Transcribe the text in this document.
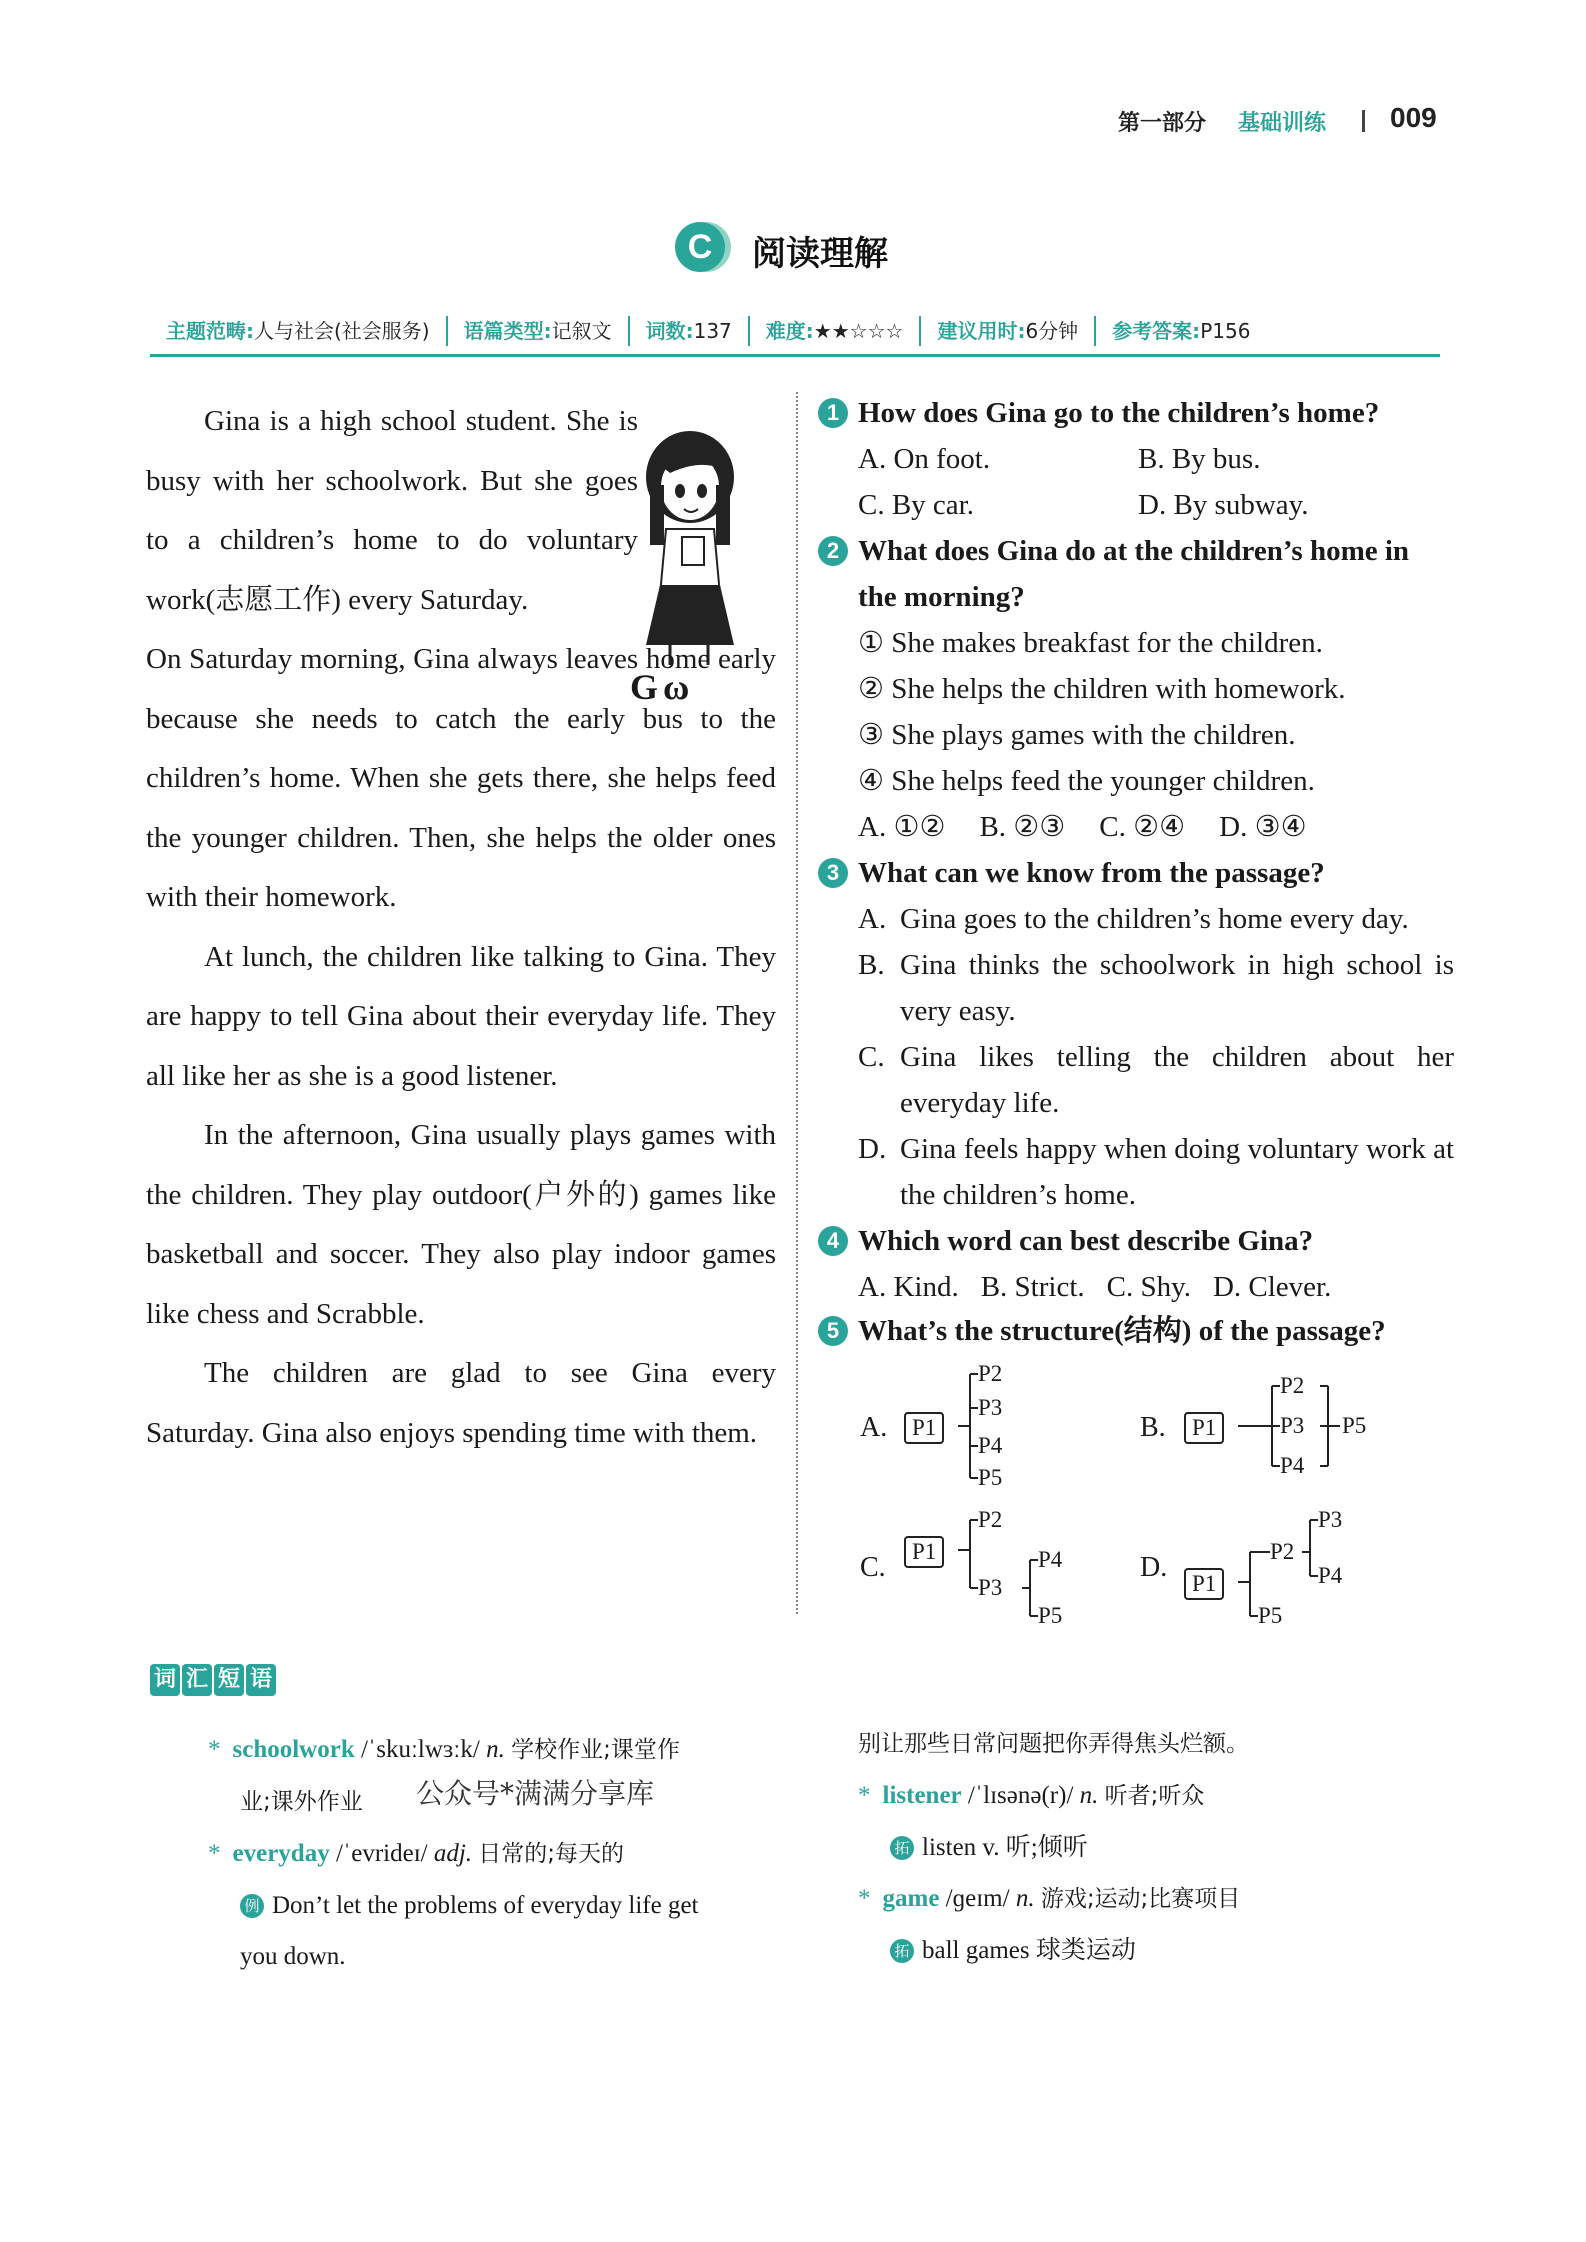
第一部分 基础训练 009
C	阅读理解
主题范畴:人与社会(社会服务)	语篇类型:记叙文	词数:137	难度:★★☆☆☆	建议用时:6分钟	参考答案:P156
G ω

Gina is a high school student. She is busy with her schoolwork. But she goes to a children’s home to do voluntary work(志愿工作) every Saturday.

On Saturday morning, Gina always leaves home early because she needs to catch the early bus to the children’s home. When she gets there, she helps feed the younger children. Then, she helps the older ones with their homework.

At lunch, the children like talking to Gina. They are happy to tell Gina about their everyday life. They all like her as she is a good listener.

In the afternoon, Gina usually plays games with the children. They play outdoor(户外的) games like basketball and soccer. They also play indoor games like chess and Scrabble.

The children are glad to see Gina every Saturday. Gina also enjoys spending time with them.

1 How does Gina go to the children’s home?
A. On foot.	B. By bus.
C. By car.	D. By subway.
2 What does Gina do at the children’s home in the morning?
① She makes breakfast for the children.
② She helps the children with homework.
③ She plays games with the children.
④ She helps feed the younger children.
A. ①② B. ②③ C. ②④ D. ③④
3 What can we know from the passage?
A. Gina goes to the children’s home every day.
B. Gina thinks the schoolwork in high school is very easy.
C. Gina likes telling the children about her everyday life.
D. Gina feels happy when doing voluntary work at the children’s home.
4 Which word can best describe Gina?
A. Kind. B. Strict. C. Shy. D. Clever.
5 What’s the structure(结构) of the passage?
A.	P1
P2
P3
P4
P5
B.	P1
P2
P3
P4
P5
C.
P1
P2
P3
P4
P5
D.
P1
P2
P3
P4
P5
词 汇 短 语
* schoolwork /ˈskuːlwɜːk/ n. 学校作业;课堂作
业;课外作业
* everyday /ˈevrideɪ/ adj. 日常的;每天的
例 Don’t let the problems of everyday life get
you down.
公众号*满满分享库
别让那些日常问题把你弄得焦头烂额。
* listener /ˈlɪsənə(r)/ n. 听者;听众
拓 listen v. 听;倾听
* game /ɡeɪm/ n. 游戏;运动;比赛项目
拓 ball games 球类运动
